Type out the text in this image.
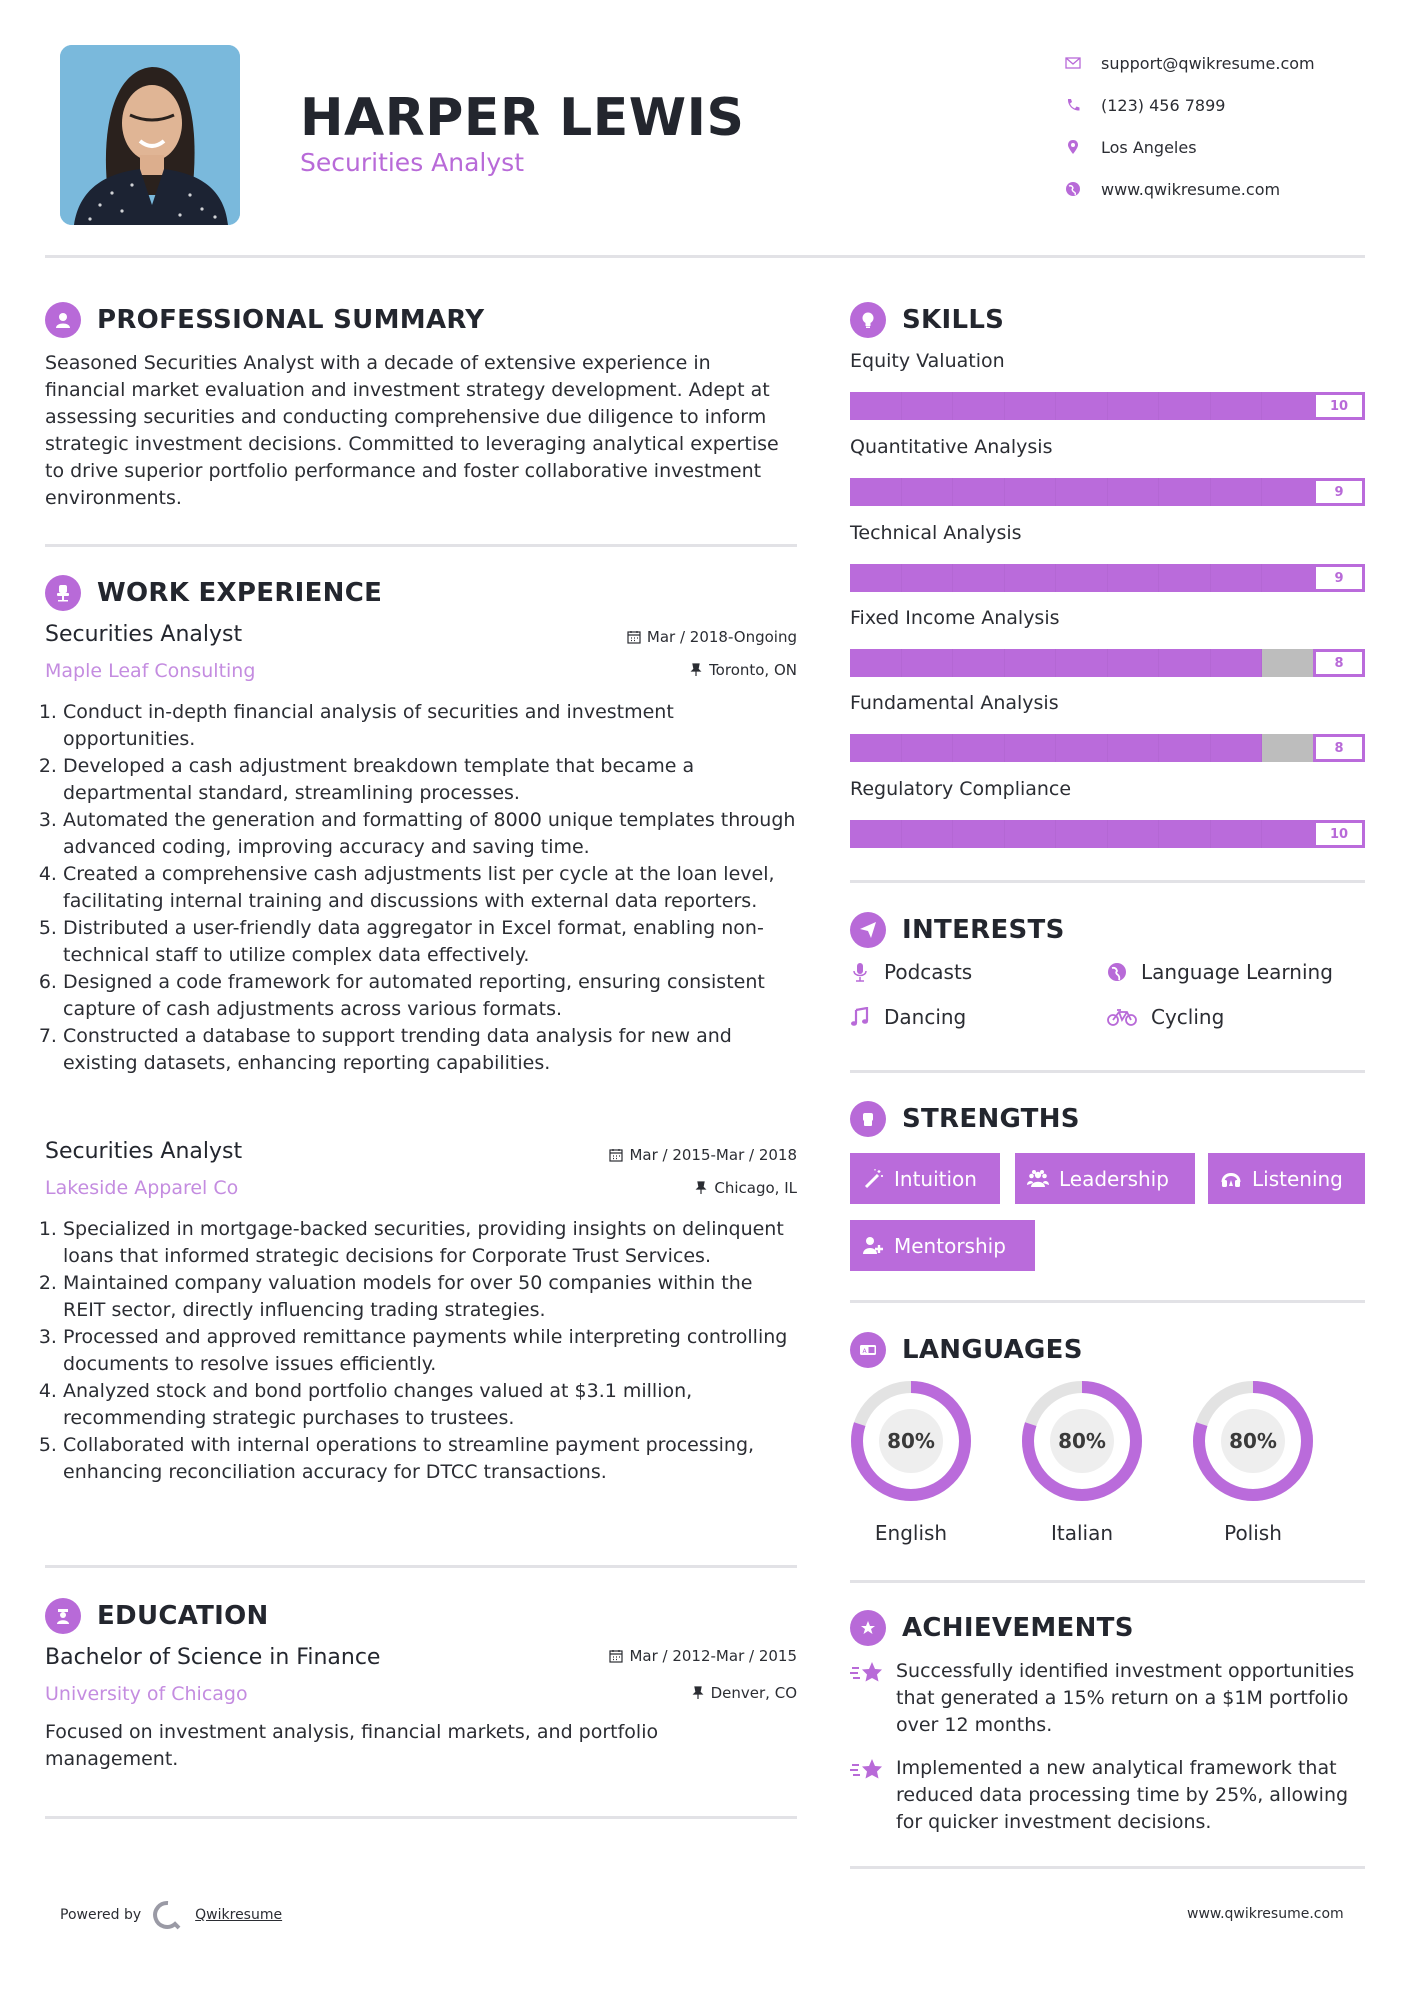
HARPER LEWIS
Securities Analyst
support@qwikresume.com
(123) 456 7899
Los Angeles
www.qwikresume.com
PROFESSIONAL SUMMARY
Seasoned Securities Analyst with a decade of extensive experience in financial market evaluation and investment strategy development. Adept at assessing securities and conducting comprehensive due diligence to inform strategic investment decisions. Committed to leveraging analytical expertise to drive superior portfolio performance and foster collaborative investment environments.
WORK EXPERIENCE
Securities Analyst	Mar / 2018-Ongoing
Maple Leaf Consulting	Toronto, ON
1. Conduct in-depth financial analysis of securities and investment opportunities.
2. Developed a cash adjustment breakdown template that became a departmental standard, streamlining processes.
3. Automated the generation and formatting of 8000 unique templates through advanced coding, improving accuracy and saving time.
4. Created a comprehensive cash adjustments list per cycle at the loan level, facilitating internal training and discussions with external data reporters.
5. Distributed a user-friendly data aggregator in Excel format, enabling non-technical staff to utilize complex data effectively.
6. Designed a code framework for automated reporting, ensuring consistent capture of cash adjustments across various formats.
7. Constructed a database to support trending data analysis for new and existing datasets, enhancing reporting capabilities.
Securities Analyst	Mar / 2015-Mar / 2018
Lakeside Apparel Co	Chicago, IL
1. Specialized in mortgage-backed securities, providing insights on delinquent loans that informed strategic decisions for Corporate Trust Services.
2. Maintained company valuation models for over 50 companies within the REIT sector, directly influencing trading strategies.
3. Processed and approved remittance payments while interpreting controlling documents to resolve issues efficiently.
4. Analyzed stock and bond portfolio changes valued at $3.1 million, recommending strategic purchases to trustees.
5. Collaborated with internal operations to streamline payment processing, enhancing reconciliation accuracy for DTCC transactions.
EDUCATION
Bachelor of Science in Finance	Mar / 2012-Mar / 2015
University of Chicago	Denver, CO
Focused on investment analysis, financial markets, and portfolio management.
SKILLS
Equity Valuation
10
Quantitative Analysis
9
Technical Analysis
9
Fixed Income Analysis
8
Fundamental Analysis
8
Regulatory Compliance
10
INTERESTS
Podcasts	Language Learning
Dancing	Cycling
STRENGTHS
Intuition	Leadership	Listening
Mentorship
A LANGUAGES
80%
English
80%
Italian
80%
Polish
ACHIEVEMENTS
Successfully identified investment opportunities that generated a 15% return on a $1M portfolio over 12 months.
Implemented a new analytical framework that reduced data processing time by 25%, allowing for quicker investment decisions.
Powered by	Qwikresume	www.qwikresume.com
